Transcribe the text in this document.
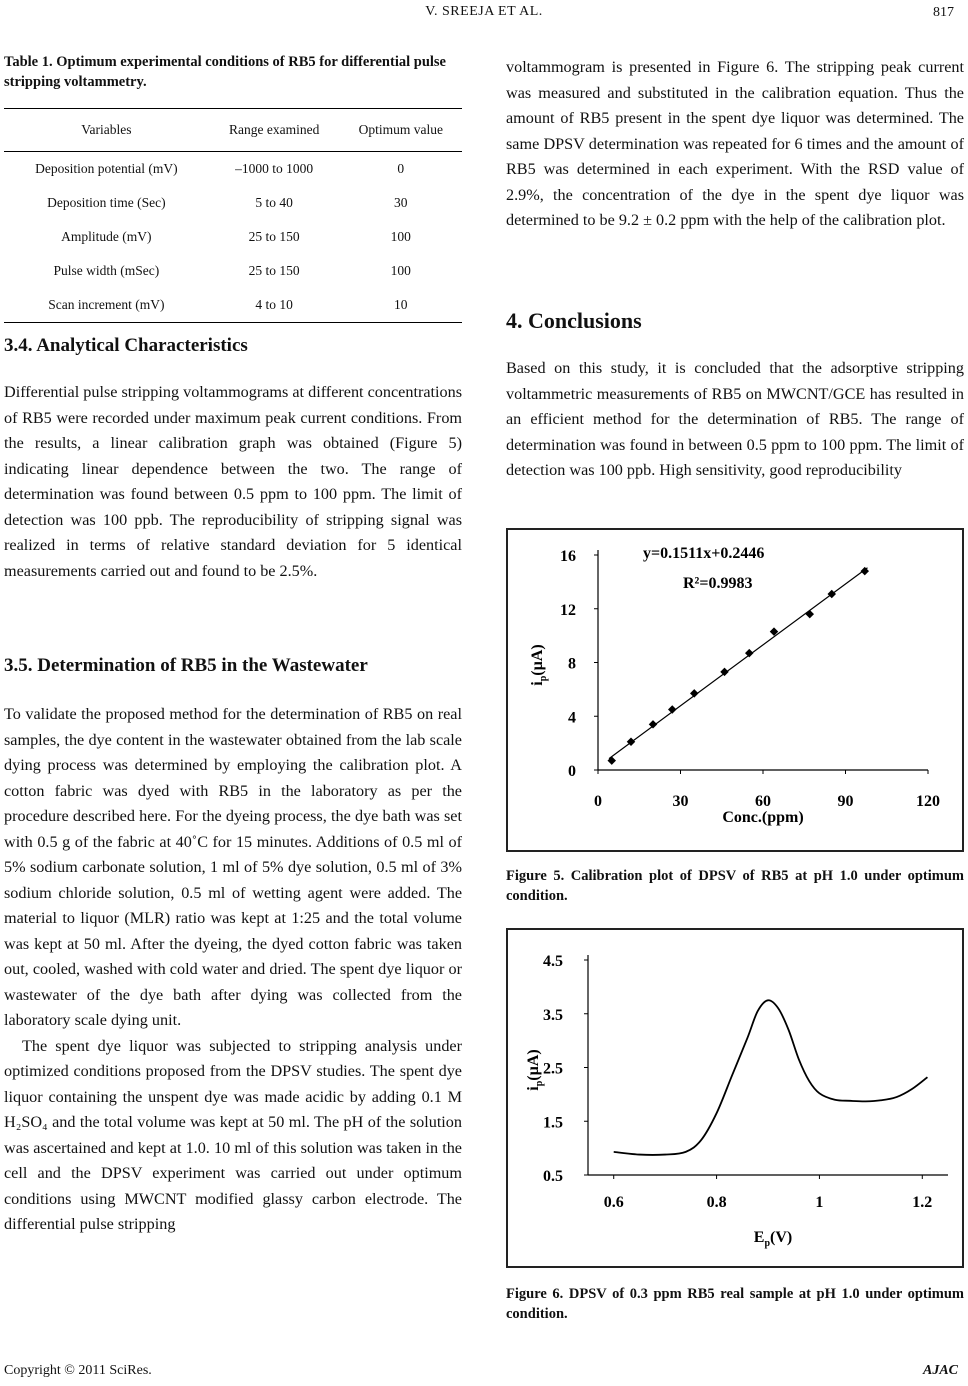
V. SREEJA ET AL.	817
Table 1. Optimum experimental conditions of RB5 for differential pulse stripping voltammetry.
Variables	Range examined	Optimum value
Deposition potential (mV)	–1000 to 1000	0
Deposition time (Sec)	5 to 40	30
Amplitude (mV)	25 to 150	100
Pulse width (mSec)	25 to 150	100
Scan increment (mV)	4 to 10	10
3.4. Analytical Characteristics

Differential pulse stripping voltammograms at different concentrations of RB5 were recorded under maximum peak current conditions. From the results, a linear calibration graph was obtained (Figure 5) indicating linear dependence between the two. The range of determination was found between 0.5 ppm to 100 ppm. The limit of detection was 100 ppb. The reproducibility of stripping signal was realized in terms of relative standard deviation for 5 identical measurements carried out and found to be 2.5%.

3.5. Determination of RB5 in the Wastewater

To validate the proposed method for the determination of RB5 on real samples, the dye content in the wastewater obtained from the lab scale dying process was determined by employing the calibration plot. A cotton fabric was dyed with RB5 in the laboratory as per the procedure described here. For the dyeing process, the dye bath was set with 0.5 g of the fabric at 40˚C for 15 minutes. Additions of 0.5 ml of 5% sodium carbonate solution, 1 ml of 5% dye solution, 0.5 ml of 3% sodium chloride solution, 0.5 ml of wetting agent were added. The material to liquor (MLR) ratio was kept at 1:25 and the total volume was kept at 50 ml. After the dyeing, the dyed cotton fabric was taken out, cooled, washed with cold water and dried. The spent dye liquor or wastewater of the dye bath after dying was collected from the laboratory scale dying unit.

The spent dye liquor was subjected to stripping analysis under optimized conditions proposed from the DPSV studies. The spent dye liquor containing the unspent dye was made acidic by adding 0.1 M H₂SO₄ and the total volume was kept at 50 ml. The pH of the solution was ascertained and kept at 1.0. 10 ml of this solution was taken in the cell and the DPSV experiment was carried out under optimum conditions using MWCNT modified glassy carbon electrode. The differential pulse stripping

voltammogram is presented in Figure 6. The stripping peak current was measured and substituted in the calibration equation. Thus the amount of RB5 present in the spent dye liquor was determined. The same DPSV determination was repeated for 6 times and the amount of RB5 was determined in each experiment. With the RSD value of 2.9%, the concentration of the dye in the spent dye liquor was determined to be 9.2 ± 0.2 ppm with the help of the calibration plot.

4. Conclusions

Based on this study, it is concluded that the adsorptive stripping voltammetric measurements of RB5 on MWCNT/GCE has resulted in an efficient method for the determination of RB5. The range of determination was found in between 0.5 ppm to 100 ppm. The limit of detection was 100 ppb. High sensitivity, good reproducibility

0
4
8
12
16
0	30	60	90	120
y=0.1511x+0.2446
R²=0.9983
Conc.(ppm)
$i_p(\mu A)$
Figure 5. Calibration plot of DPSV of RB5 at pH 1.0 under optimum condition.
0.5
1.5
2.5
3.5
4.5
0.6	0.8	1	1.2
$E_p(V)$
$i_p(\mu A)$
Figure 6. DPSV of 0.3 ppm RB5 real sample at pH 1.0 under optimum condition.
Copyright © 2011 SciRes.	AJAC
